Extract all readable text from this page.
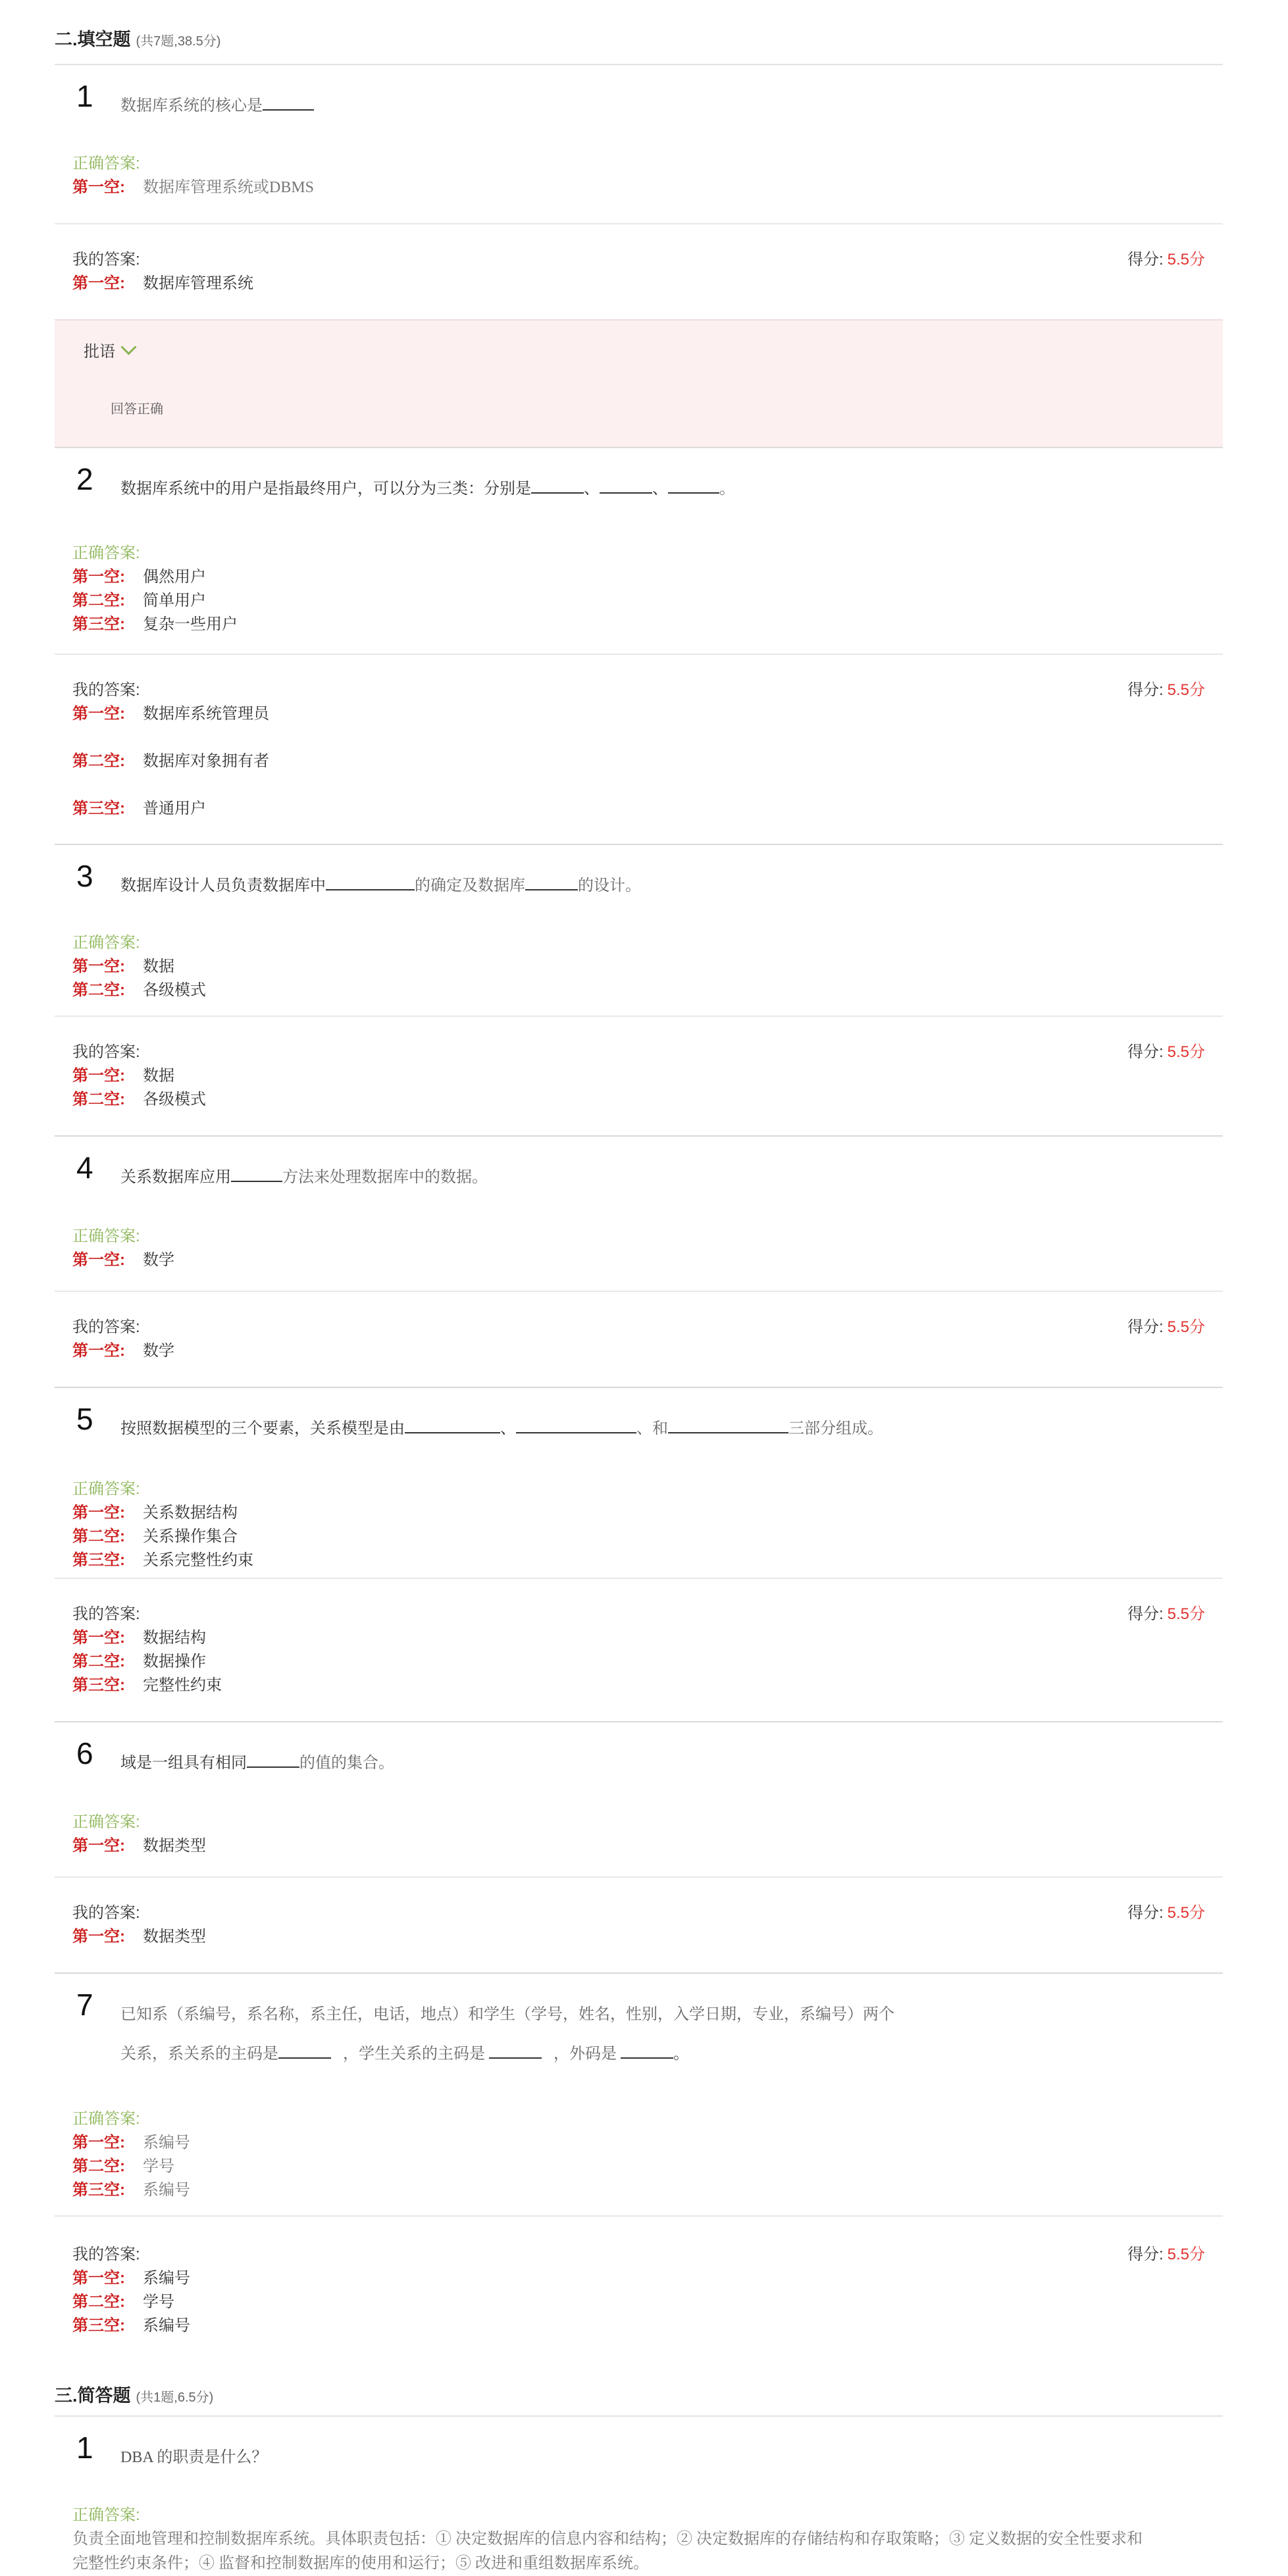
二.填空题 (共7题,38.5分)
1 数据库系统的核心是
正确答案:
第一空: 数据库管理系统或DBMS
我的答案:
第一空: 数据库管理系统
得分: 5.5分
批语
回答正确
2 数据库系统中的用户是指最终用户，可以分为三类：分别是	、	、	。
正确答案:
第一空: 偶然用户
第二空: 简单用户
第三空: 复杂一些用户
我的答案:
第一空: 数据库系统管理员
第二空: 数据库对象拥有者
第三空: 普通用户
得分: 5.5分
3 数据库设计人员负责数据库中	的确定及数据库	的设计。
正确答案:
第一空: 数据
第二空: 各级模式
我的答案:
第一空: 数据
第二空: 各级模式
得分: 5.5分
4 关系数据库应用	方法来处理数据库中的数据。
正确答案:
第一空: 数学
我的答案:
第一空: 数学
得分: 5.5分
5 按照数据模型的三个要素，关系模型是由	、	、和	三部分组成。
正确答案:
第一空: 关系数据结构
第二空: 关系操作集合
第三空: 关系完整性约束
我的答案:
第一空: 数据结构
第二空: 数据操作
第三空: 完整性约束
得分: 5.5分
6 域是一组具有相同	的值的集合。
正确答案:
第一空: 数据类型
我的答案:
第一空: 数据类型
得分: 5.5分
7 已知系（系编号，系名称，系主任，电话，地点）和学生（学号，姓名，性别，入学日期，专业，系编号）两个
关系，系关系的主码是	，学生关系的主码是	，外码是	。
正确答案:
第一空: 系编号
第二空: 学号
第三空: 系编号
我的答案:
第一空: 系编号
第二空: 学号
第三空: 系编号
得分: 5.5分
三.简答题 (共1题,6.5分)
1 DBA 的职责是什么？
正确答案:
负责全面地管理和控制数据库系统。具体职责包括：① 决定数据库的信息内容和结构；② 决定数据库的存储结构和存取策略；③ 定义数据的安全性要求和
完整性约束条件；④ 监督和控制数据库的使用和运行；⑤ 改进和重组数据库系统。
